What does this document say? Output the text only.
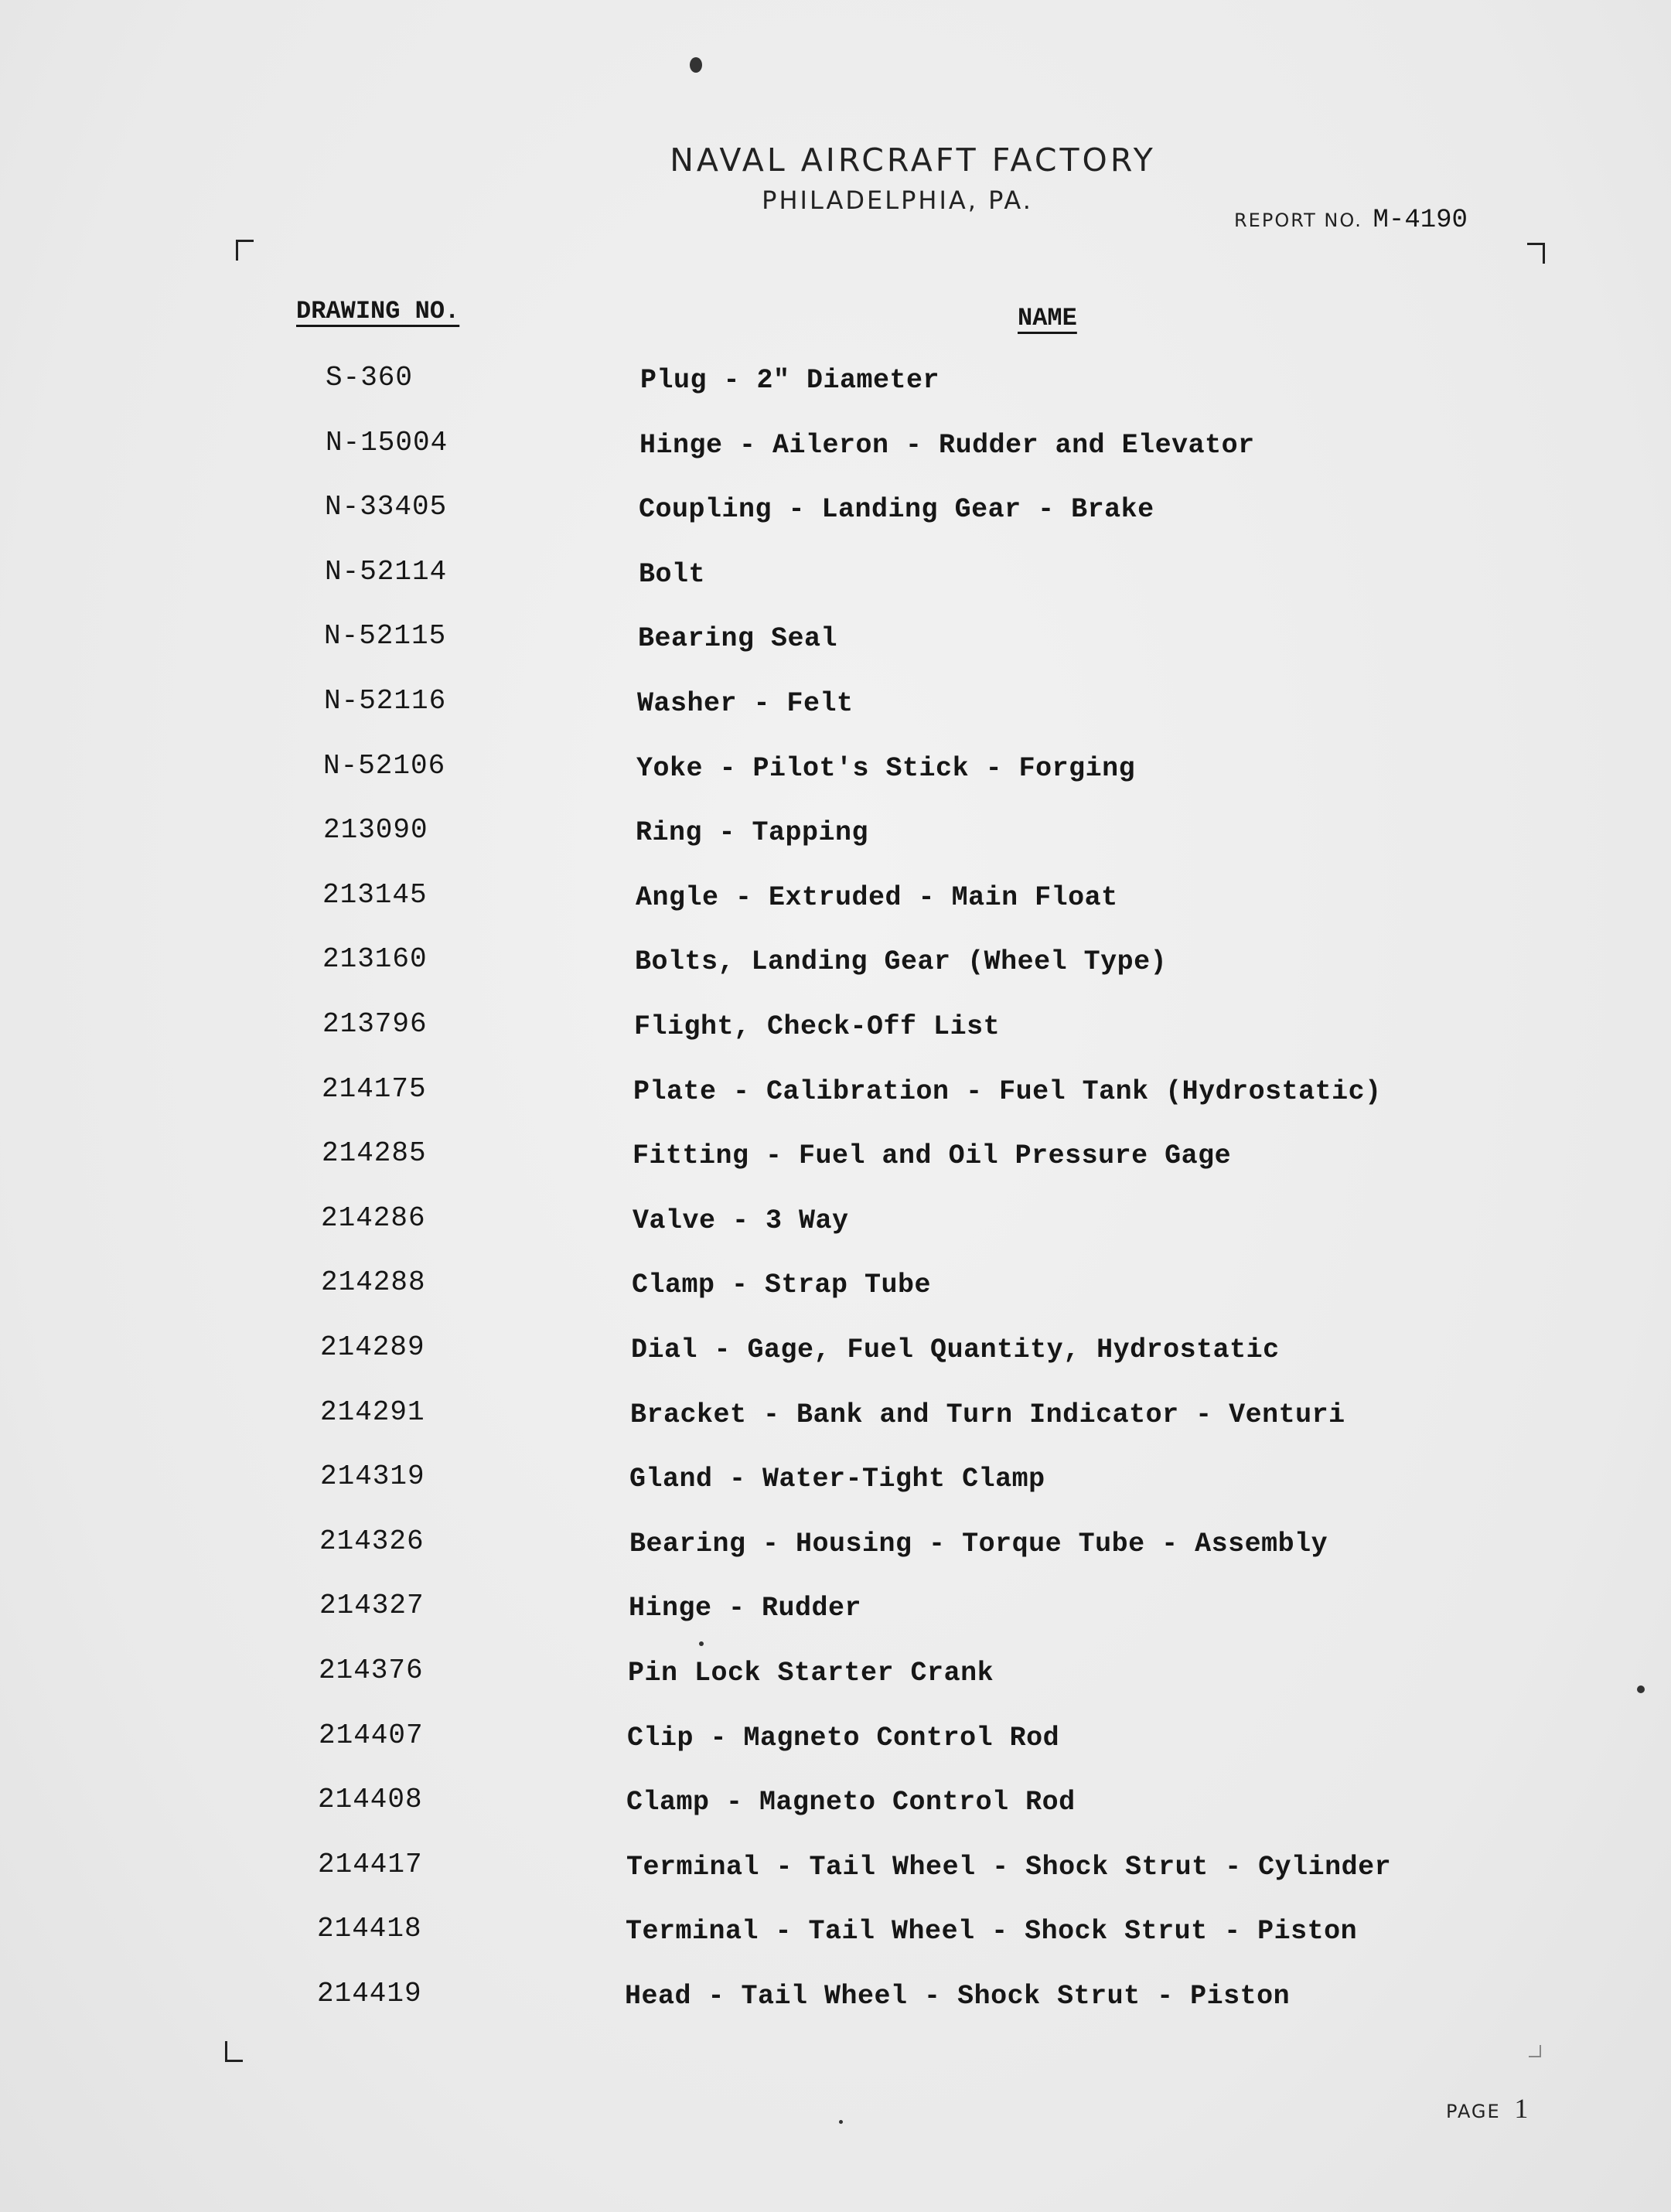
NAVAL AIRCRAFT FACTORY
PHILADELPHIA, PA.
REPORT NO. M-4190
DRAWING NO.	NAME
S-360	Plug - 2" Diameter
N-15004	Hinge - Aileron - Rudder and Elevator
N-33405	Coupling - Landing Gear - Brake
N-52114	Bolt
N-52115	Bearing Seal
N-52116	Washer - Felt
N-52106	Yoke - Pilot's Stick - Forging
213090	Ring - Tapping
213145	Angle - Extruded - Main Float
213160	Bolts, Landing Gear (Wheel Type)
213796	Flight, Check-Off List
214175	Plate - Calibration - Fuel Tank (Hydrostatic)
214285	Fitting - Fuel and Oil Pressure Gage
214286	Valve - 3 Way
214288	Clamp - Strap Tube
214289	Dial - Gage, Fuel Quantity, Hydrostatic
214291	Bracket - Bank and Turn Indicator - Venturi
214319	Gland - Water-Tight Clamp
214326	Bearing - Housing - Torque Tube - Assembly
214327	Hinge - Rudder
214376	Pin Lock Starter Crank
214407	Clip - Magneto Control Rod
214408	Clamp - Magneto Control Rod
214417	Terminal - Tail Wheel - Shock Strut - Cylinder
214418	Terminal - Tail Wheel - Shock Strut - Piston
214419	Head - Tail Wheel - Shock Strut - Piston
PAGE 1
